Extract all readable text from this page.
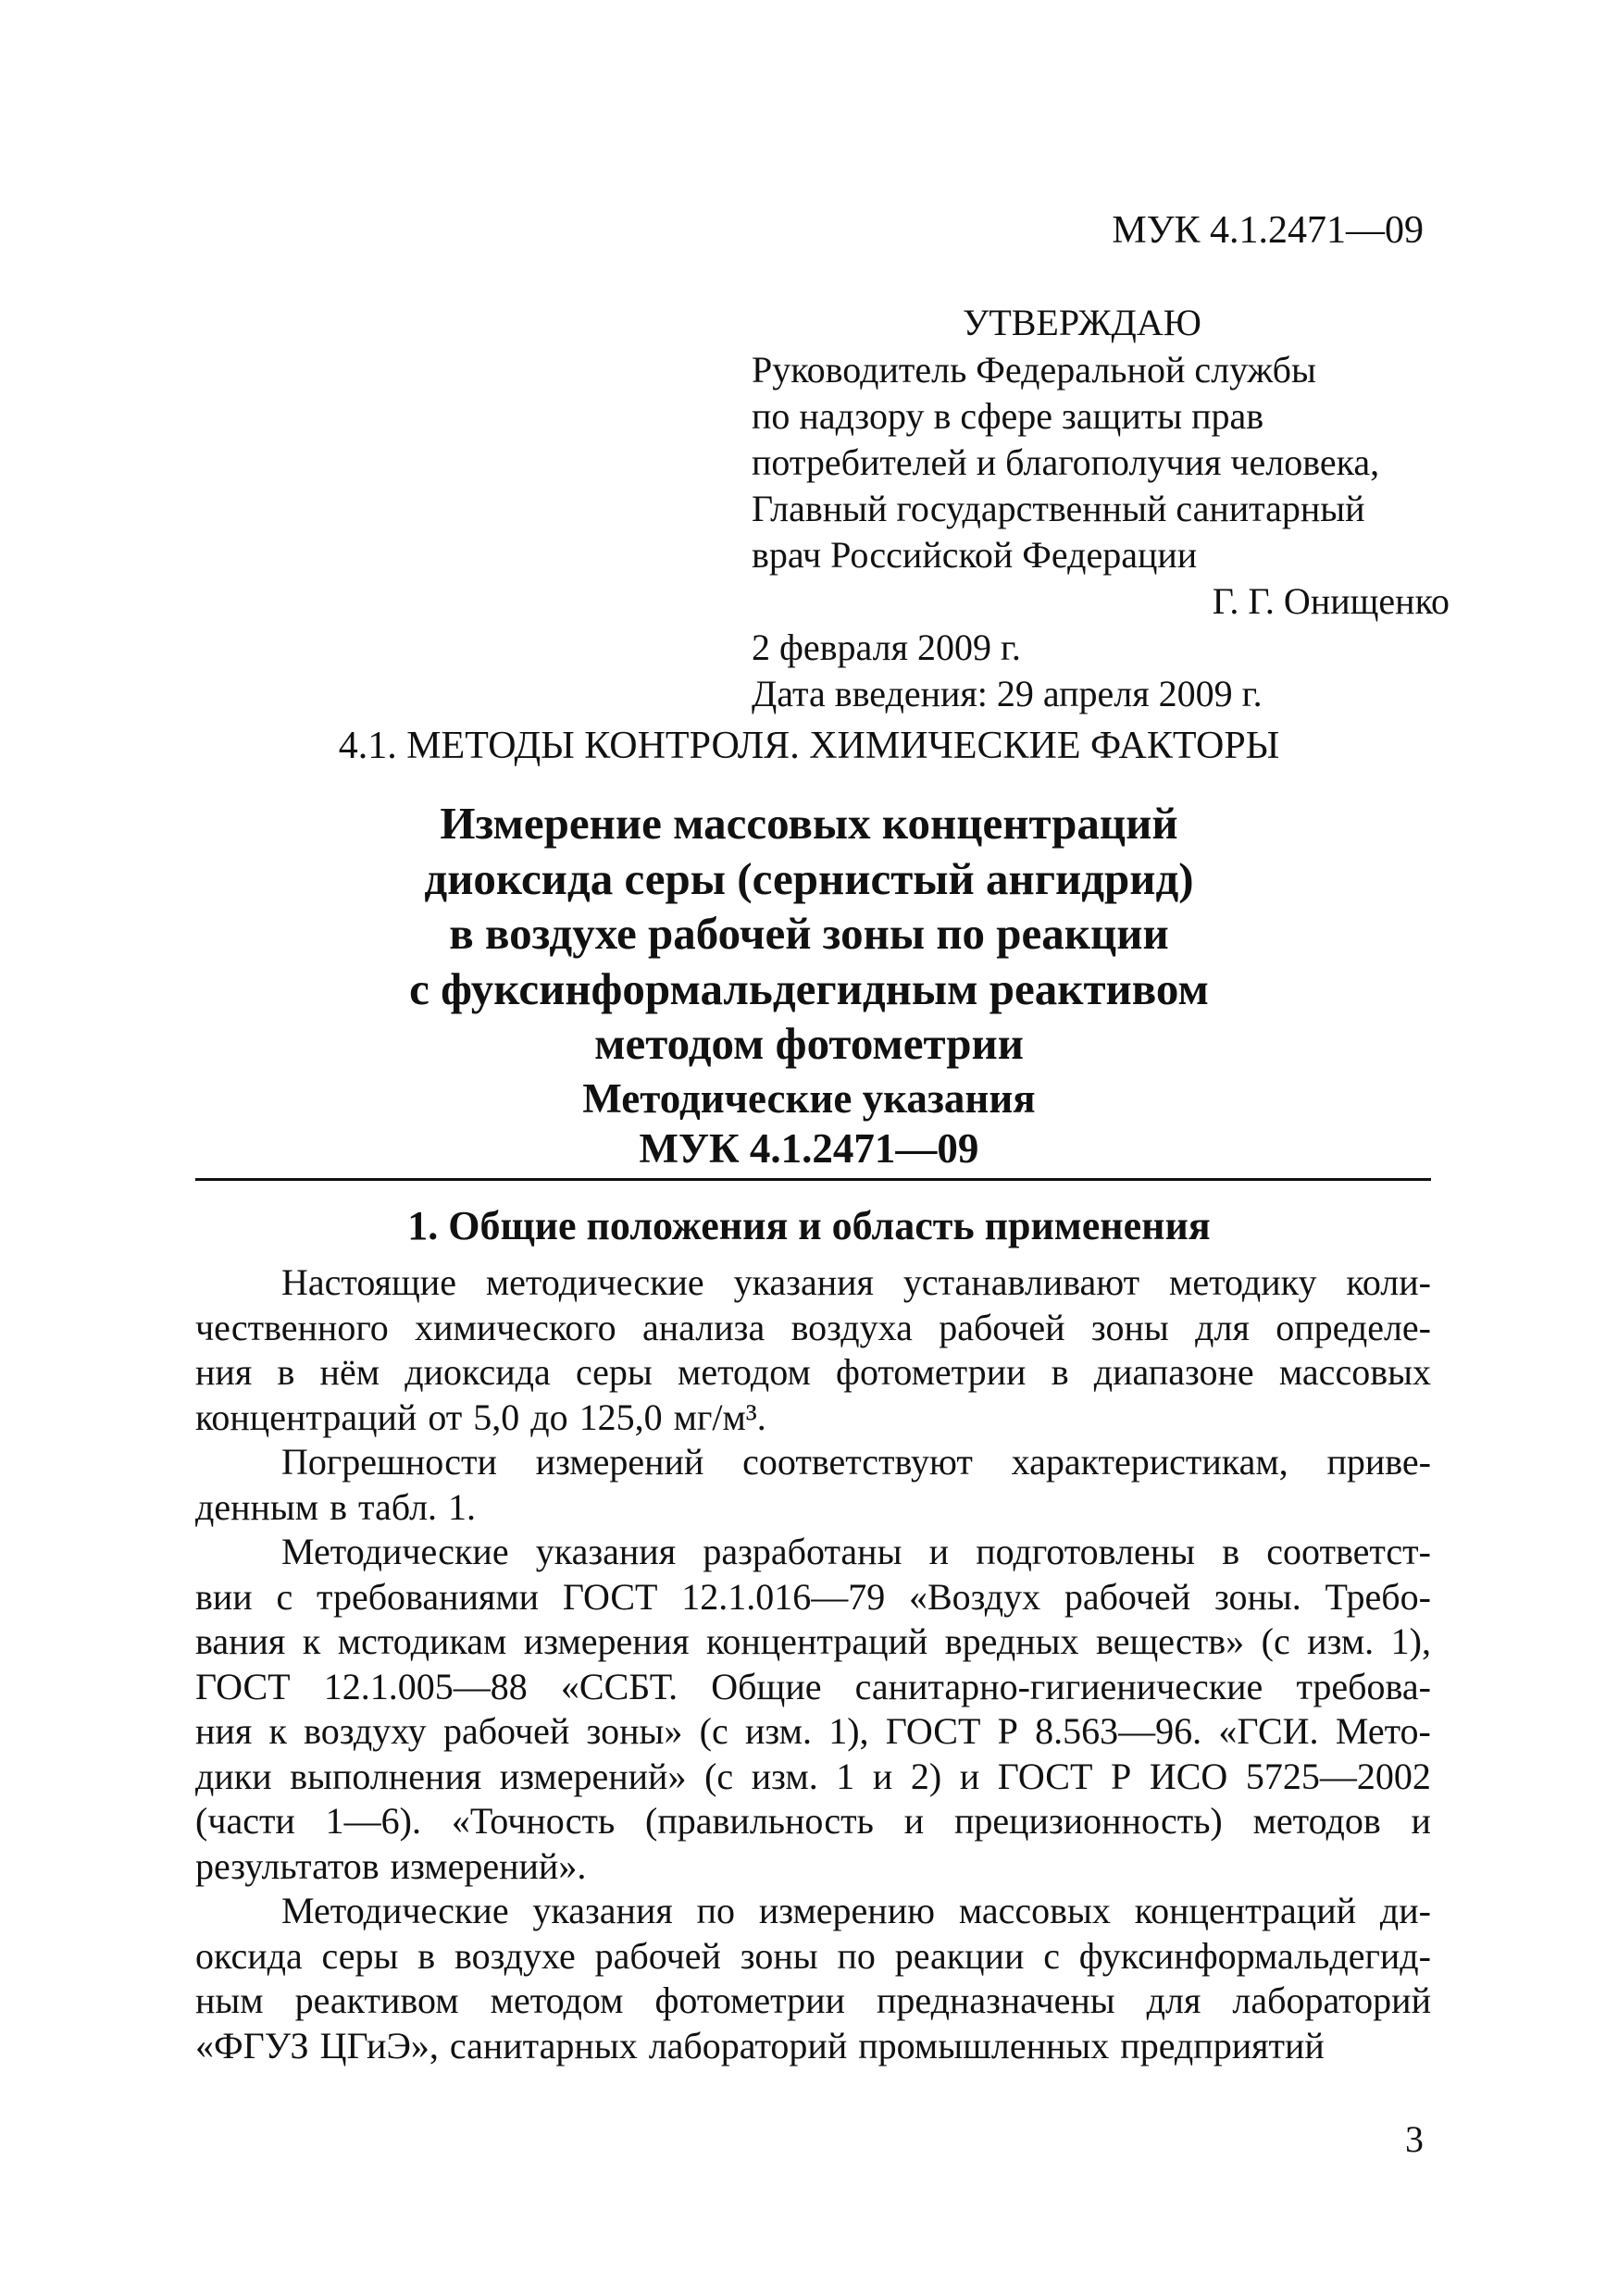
МУК 4.1.2471—09
УТВЕРЖДАЮ
Руководитель Федеральной службы
по надзору в сфере защиты прав
потребителей и благополучия человека,
Главный государственный санитарный
врач Российской Федерации
Г. Г. Онищенко
2 февраля 2009 г.
Дата введения: 29 апреля 2009 г.
4.1. МЕТОДЫ КОНТРОЛЯ. ХИМИЧЕСКИЕ ФАКТОРЫ
Измерение массовых концентраций
диоксида серы (сернистый ангидрид)
в воздухе рабочей зоны по реакции
с фуксинформальдегидным реактивом
методом фотометрии
Методические указания
МУК 4.1.2471—09
1. Общие положения и область применения
Настоящие методические указания устанавливают методику коли-
чественного химического анализа воздуха рабочей зоны для определе-
ния в нём диоксида серы методом фотометрии в диапазоне массовых
концентраций от 5,0 до 125,0 мг/м³.
Погрешности измерений соответствуют характеристикам, приве-
денным в табл. 1.
Методические указания разработаны и подготовлены в соответст-
вии с требованиями ГОСТ 12.1.016—79 «Воздух рабочей зоны. Требо-
вания к мстодикам измерения концентраций вредных веществ» (с изм. 1),
ГОСТ 12.1.005—88 «ССБТ. Общие санитарно-гигиенические требова-
ния к воздуху рабочей зоны» (с изм. 1), ГОСТ Р 8.563—96. «ГСИ. Мето-
дики выполнения измерений» (с изм. 1 и 2) и ГОСТ Р ИСО 5725—2002
(части 1—6). «Точность (правильность и прецизионность) методов и
результатов измерений».
Методические указания по измерению массовых концентраций ди-
оксида серы в воздухе рабочей зоны по реакции с фуксинформальдегид-
ным реактивом методом фотометрии предназначены для лабораторий
«ФГУЗ ЦГиЭ», санитарных лабораторий промышленных предприятий
3
